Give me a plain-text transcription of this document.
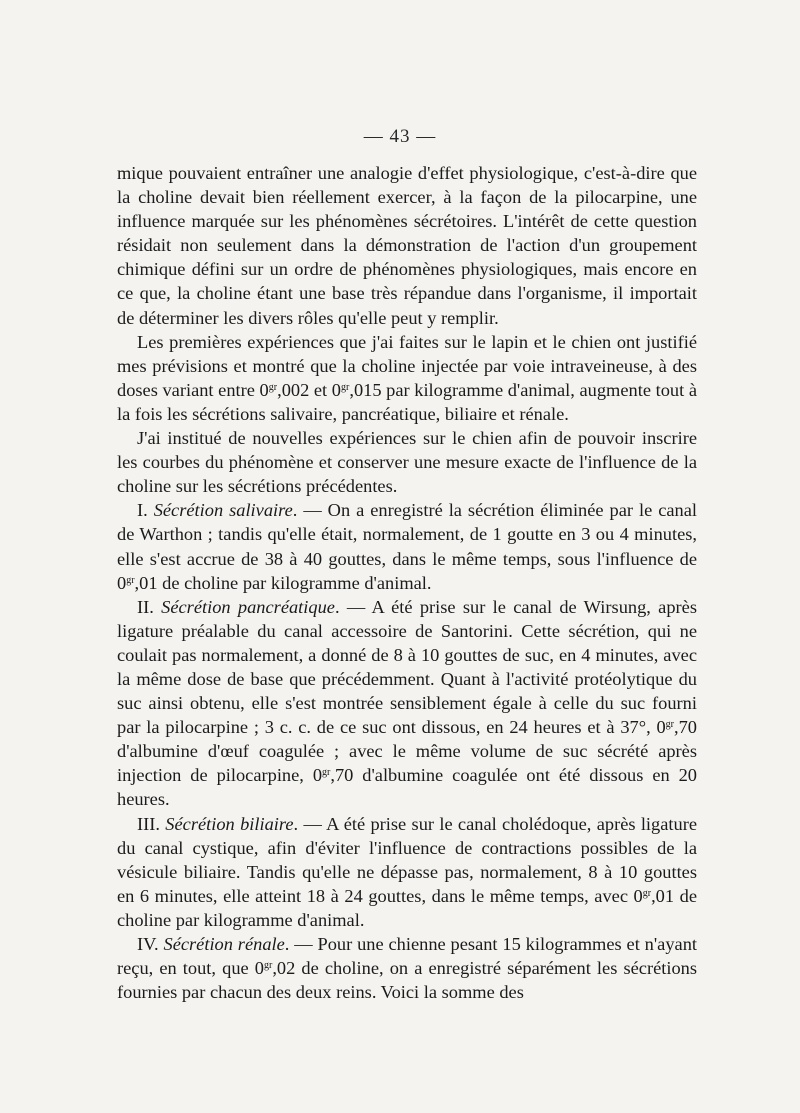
— 43 —

mique pouvaient entraîner une analogie d'effet physiologique, c'est-à-dire que la choline devait bien réellement exercer, à la façon de la pilocarpine, une influence marquée sur les phénomènes sécrétoires. L'intérêt de cette question résidait non seulement dans la démonstration de l'action d'un groupement chimique défini sur un ordre de phénomènes physiologiques, mais encore en ce que, la choline étant une base très répandue dans l'organisme, il importait de déterminer les divers rôles qu'elle peut y remplir.

Les premières expériences que j'ai faites sur le lapin et le chien ont justifié mes prévisions et montré que la choline injectée par voie intraveineuse, à des doses variant entre $0^{gr},002$ et $0^{gr},015$ par kilogramme d'animal, augmente tout à la fois les sécrétions salivaire, pancréatique, biliaire et rénale.

J'ai institué de nouvelles expériences sur le chien afin de pouvoir inscrire les courbes du phénomène et conserver une mesure exacte de l'influence de la choline sur les sécrétions précédentes.

I. Sécrétion salivaire. — On a enregistré la sécrétion éliminée par le canal de Warthon ; tandis qu'elle était, normalement, de 1 goutte en 3 ou 4 minutes, elle s'est accrue de 38 à 40 gouttes, dans le même temps, sous l'influence de $0^{gr},01$ de choline par kilogramme d'animal.

II. Sécrétion pancréatique. — A été prise sur le canal de Wirsung, après ligature préalable du canal accessoire de Santorini. Cette sécrétion, qui ne coulait pas normalement, a donné de 8 à 10 gouttes de suc, en 4 minutes, avec la même dose de base que précédemment. Quant à l'activité protéolytique du suc ainsi obtenu, elle s'est montrée sensiblement égale à celle du suc fourni par la pilocarpine ; 3 c. c. de ce suc ont dissous, en 24 heures et à 37°, $0^{gr},70$ d'albumine d'œuf coagulée ; avec le même volume de suc sécrété après injection de pilocarpine, $0^{gr},70$ d'albumine coagulée ont été dissous en 20 heures.

III. Sécrétion biliaire. — A été prise sur le canal cholédoque, après ligature du canal cystique, afin d'éviter l'influence de contractions possibles de la vésicule biliaire. Tandis qu'elle ne dépasse pas, normalement, 8 à 10 gouttes en 6 minutes, elle atteint 18 à 24 gouttes, dans le même temps, avec $0^{gr},01$ de choline par kilogramme d'animal.

IV. Sécrétion rénale. — Pour une chienne pesant 15 kilogrammes et n'ayant reçu, en tout, que $0^{gr},02$ de choline, on a enregistré séparément les sécrétions fournies par chacun des deux reins. Voici la somme des
